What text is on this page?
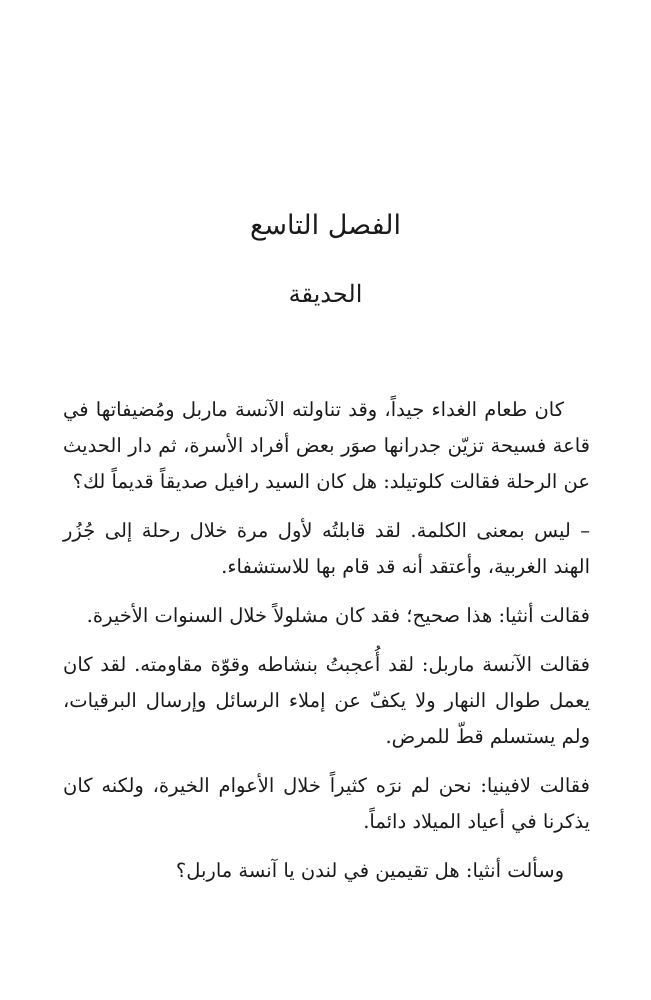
الفصل التاسع
الحديقة

كان طعام الغداء جيداً، وقد تناولته الآنسة ماربل ومُضيفاتها في قاعة فسيحة تزيّن جدرانها صوَر بعض أفراد الأسرة، ثم دار الحديث عن الرحلة فقالت كلوتيلد: هل كان السيد رافيل صديقاً قديماً لك؟

– ليس بمعنى الكلمة. لقد قابلتُه لأول مرة خلال رحلة إلى جُزُر الهند الغربية، وأعتقد أنه قد قام بها للاستشفاء.

فقالت أنثيا: هذا صحيح؛ فقد كان مشلولاً خلال السنوات الأخيرة.

فقالت الآنسة ماربل: لقد أُعجبتُ بنشاطه وقوّة مقاومته. لقد كان يعمل طوال النهار ولا يكفّ عن إملاء الرسائل وإرسال البرقيات، ولم يستسلم قطّ للمرض.

فقالت لافينيا: نحن لم نرَه كثيراً خلال الأعوام الخيرة، ولكنه كان يذكرنا في أعياد الميلاد دائماً.

وسألت أنثيا: هل تقيمين في لندن يا آنسة ماربل؟
